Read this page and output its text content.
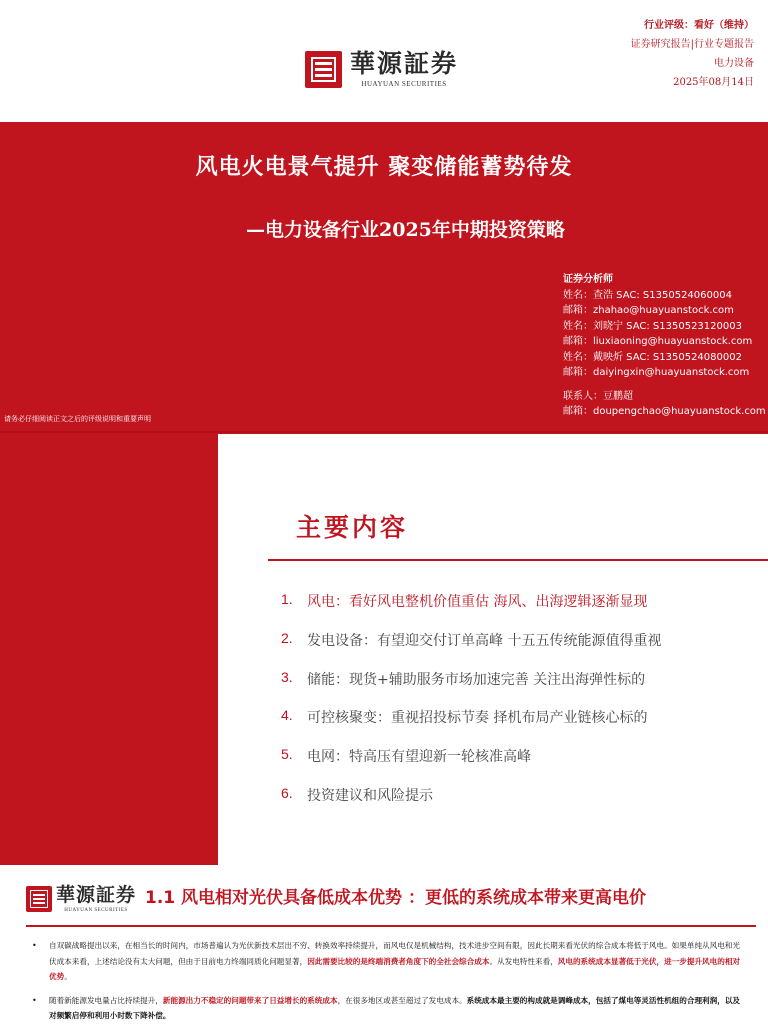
華源証券
HUAYUAN SECURITIES
行业评级：看好（维持）
证券研究报告|行业专题报告
电力设备
2025年08月14日
风电火电景气提升 聚变储能蓄势待发
—电力设备行业2025年中期投资策略
证券分析师
姓名：查浩 SAC: S1350524060004
邮箱：zhahao@huayuanstock.com
姓名：刘晓宁 SAC: S1350523120003
邮箱：liuxiaoning@huayuanstock.com
姓名：戴映炘 SAC: S1350524080002
邮箱：daiyingxin@huayuanstock.com
联系人：豆鹏超
邮箱：doupengchao@huayuanstock.com
请务必仔细阅读正文之后的评级说明和重要声明
主要内容
1.	风电：看好风电整机价值重估 海风、出海逻辑逐渐显现
2.	发电设备：有望迎交付订单高峰 十五五传统能源值得重视
3.	储能：现货+辅助服务市场加速完善 关注出海弹性标的
4.	可控核聚变：重视招投标节奏 择机布局产业链核心标的
5.	电网：特高压有望迎新一轮核准高峰
6.	投资建议和风险提示
華源証券
HUAYUAN SECURITIES
1.1 风电相对光伏具备低成本优势 ：更低的系统成本带来更高电价
• 自双碳战略提出以来，在相当长的时间内，市场普遍认为光伏新技术层出不穷、转换效率持续提升，而风电仅是机械结构，技术进步空间有限，因此长期来看光伏的综合成本将低于风电。如果单纯从风电和光伏成本来看，上述结论没有太大问题，但由于目前电力终端同质化问题显著，因此需要比较的是终端消费者角度下的全社会综合成本。从发电特性来看，风电的系统成本显著低于光伏，进一步提升风电的相对优势。
• 随着新能源发电量占比持续提升，新能源出力不稳定的问题带来了日益增长的系统成本，在很多地区或甚至超过了发电成本。系统成本最主要的构成就是调峰成本，包括了煤电等灵活性机组的合理利润，以及对频繁启停和利用小时数下降补偿。
